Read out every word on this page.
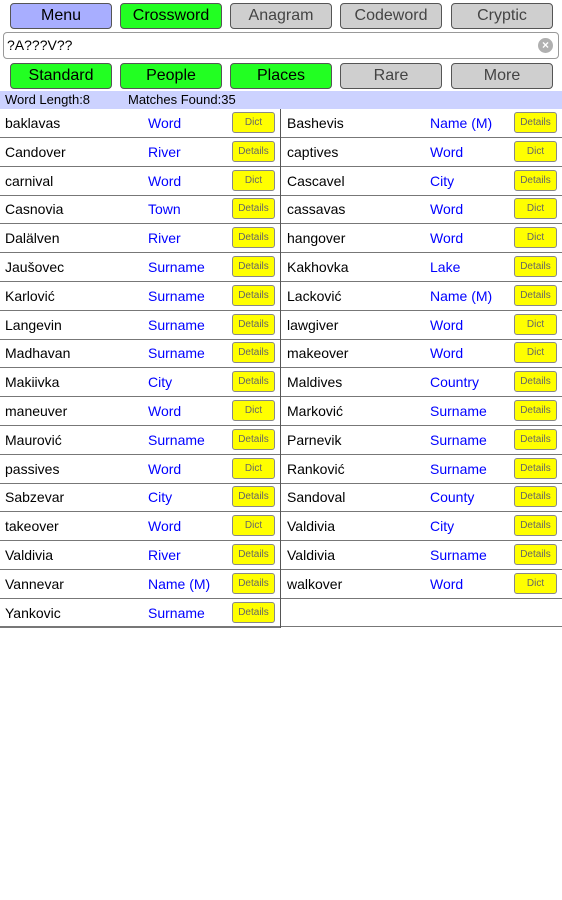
Menu	Crossword	Anagram	Codeword	Cryptic
?A???V??
×
Standard	People	Places	Rare	More
Word Length:8	Matches Found:35
baklavas	Word	Dict	Bashevis	Name (M)	Details
Candover	River	Details	captives	Word	Dict
carnival	Word	Dict	Cascavel	City	Details
Casnovia	Town	Details	cassavas	Word	Dict
Dalälven	River	Details	hangover	Word	Dict
Jaušovec	Surname	Details	Kakhovka	Lake	Details
Karlović	Surname	Details	Lacković	Name (M)	Details
Langevin	Surname	Details	lawgiver	Word	Dict
Madhavan	Surname	Details	makeover	Word	Dict
Makiivka	City	Details	Maldives	Country	Details
maneuver	Word	Dict	Marković	Surname	Details
Maurović	Surname	Details	Parnevik	Surname	Details
passives	Word	Dict	Ranković	Surname	Details
Sabzevar	City	Details	Sandoval	County	Details
takeover	Word	Dict	Valdivia	City	Details
Valdivia	River	Details	Valdivia	Surname	Details
Vannevar	Name (M)	Details	walkover	Word	Dict
Yankovic	Surname	Details
